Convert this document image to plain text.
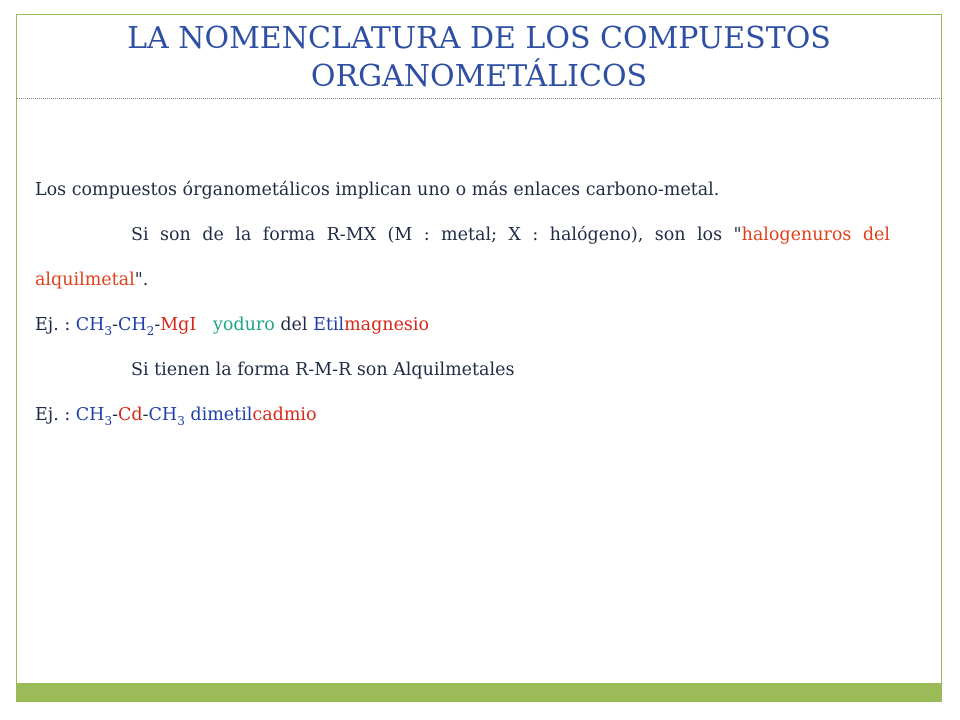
LA NOMENCLATURA DE LOS COMPUESTOS
ORGANOMETÁLICOS

Los compuestos órganometálicos implican uno o más enlaces carbono-metal.

Si son de la forma R-MX (M : metal; X : halógeno), son los "halogenuros del alquilmetal".

Ej. : $CH_3-CH_2$-MgI yoduro del Etilmagnesio

Si tienen la forma R-M-R son Alquilmetales

Ej. : $CH_3-Cd-CH_3$ dimetilcadmio
